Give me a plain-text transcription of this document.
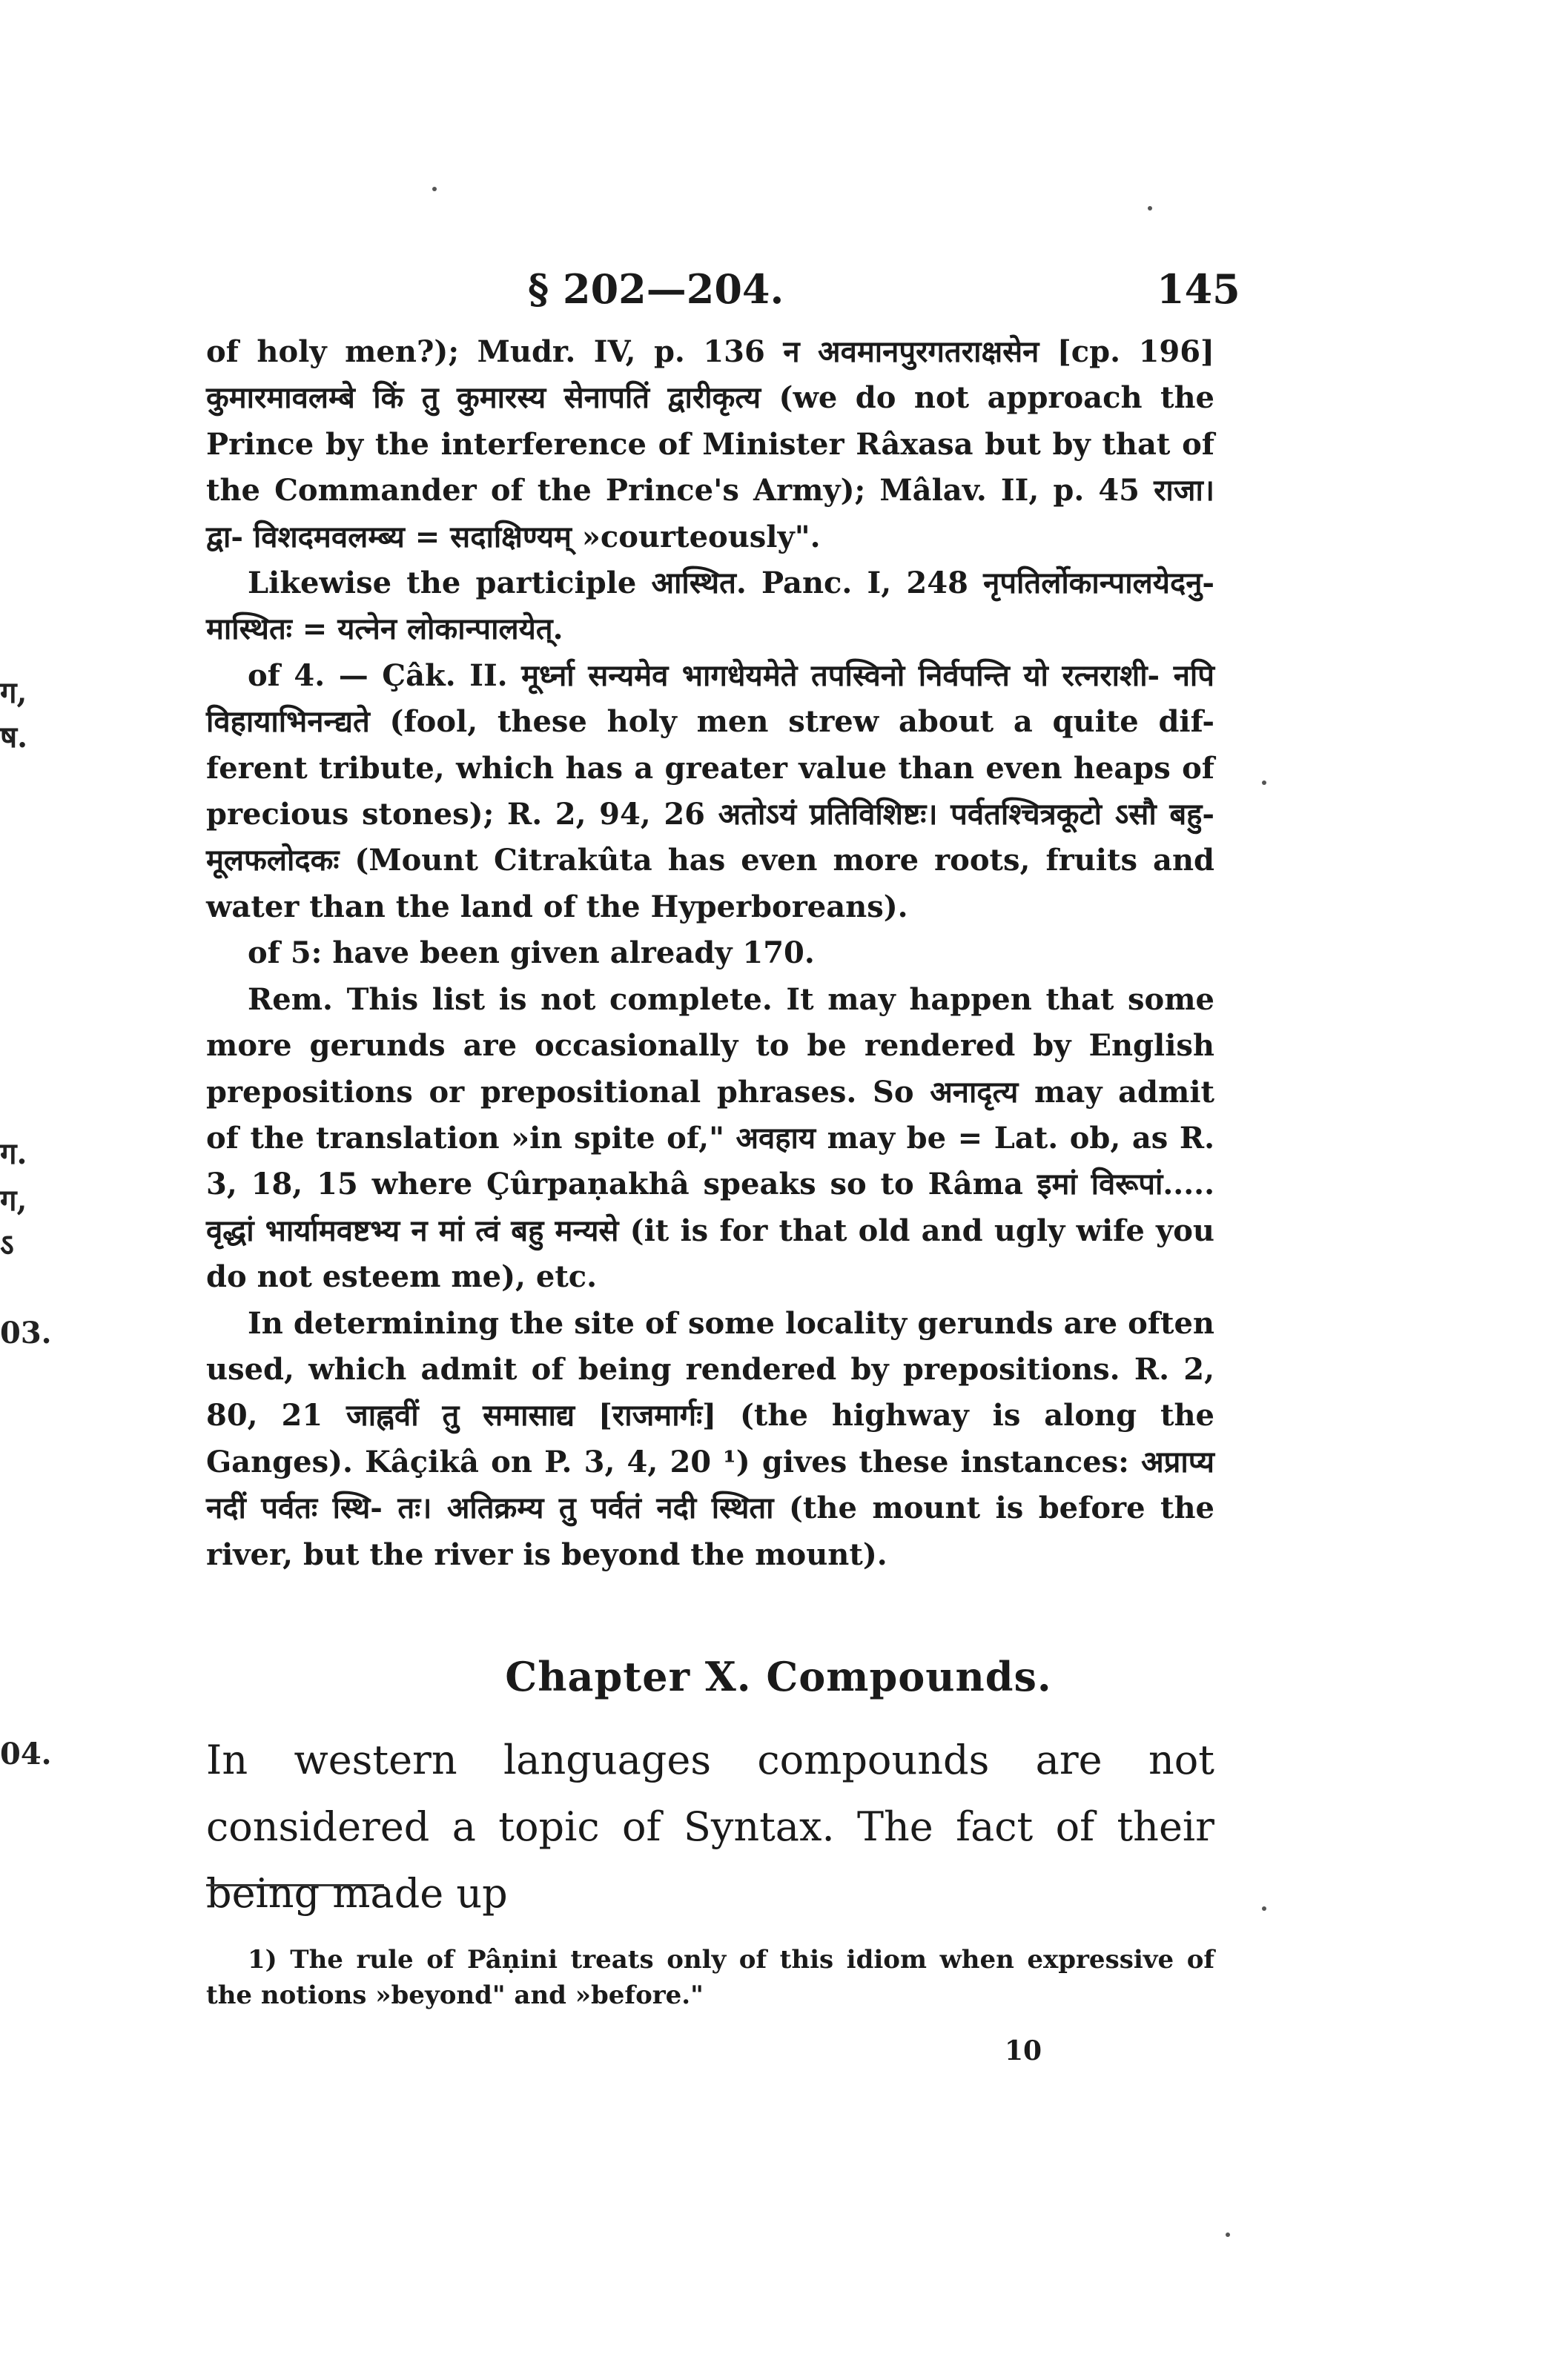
§ 202—204.	145
ग,
ष.
ग.
ग,
ऽ
03.
04.

of holy men?); Mudr. IV, p. 136 न अवमानपुरगतराक्षसेन [cp. 196] कुमारमावलम्बे किं तु कुमारस्य सेनापतिं द्वारीकृत्य (we do not approach the Prince by the interference of Minister Râxasa but by that of the Commander of the Prince's Army); Mâlav. II, p. 45 राजा। द्वा- विशदमवलम्ब्य = सदाक्षिण्यम् »courteously".

Likewise the participle आस्थित. Panc. I, 248 नृपतिर्लोकान्पालयेदनु- मास्थितः = यत्नेन लोकान्पालयेत्.

of 4. — Çâk. II. मूर्ध्ना सन्यमेव भागधेयमेते तपस्विनो निर्वपन्ति यो रत्नराशी- नपि विहायाभिनन्द्यते (fool, these holy men strew about a quite dif- ferent tribute, which has a greater value than even heaps of precious stones); R. 2, 94, 26 अतोऽयं प्रतिविशिष्टः। पर्वतश्चित्रकूटो ऽसौ बहु- मूलफलोदकः (Mount Citrakûta has even more roots, fruits and water than the land of the Hyperboreans).

of 5: have been given already 170.

Rem. This list is not complete. It may happen that some more gerunds are occasionally to be rendered by English prepositions or prepositional phrases. So अनादृत्य may admit of the translation »in spite of," अवहाय may be = Lat. ob, as R. 3, 18, 15 where Çûrpaṇakhâ speaks so to Râma इमां विरूपां..... वृद्धां भार्यामवष्टभ्य न मां त्वं बहु मन्यसे (it is for that old and ugly wife you do not esteem me), etc.

In determining the site of some locality gerunds are often used, which admit of being rendered by prepositions. R. 2, 80, 21 जाह्नवीं तु समासाद्य [राजमार्गः] (the highway is along the Ganges). Kâçikâ on P. 3, 4, 20 ¹) gives these instances: अप्राप्य नदीं पर्वतः स्थि- तः। अतिक्रम्य तु पर्वतं नदी स्थिता (the mount is before the river, but the river is beyond the mount).

Chapter X. Compounds.

In western languages compounds are not considered a topic of Syntax. The fact of their being made up

1) The rule of Pâṇini treats only of this idiom when expressive of the notions »beyond" and »before."

10
